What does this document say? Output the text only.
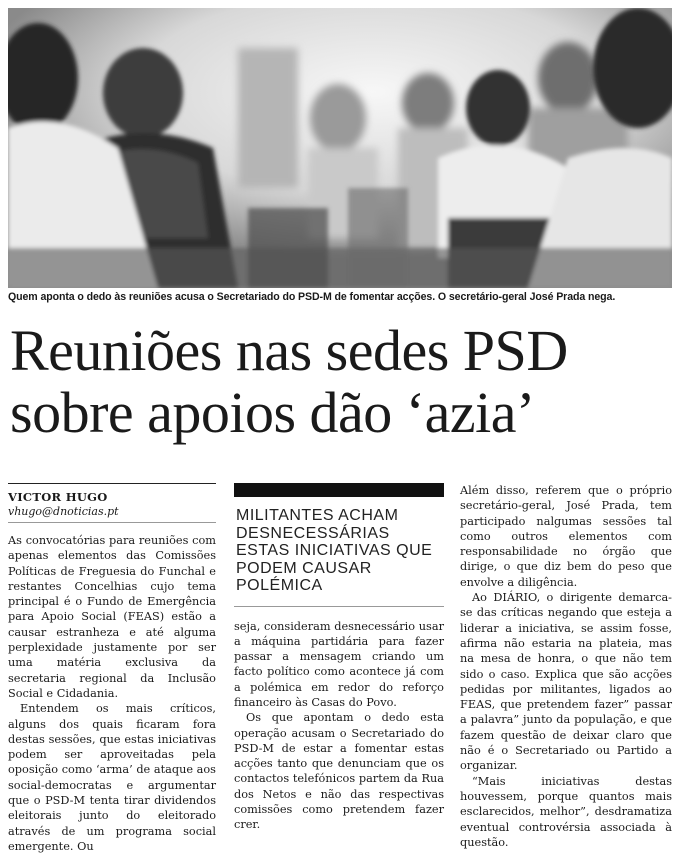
Quem aponta o dedo às reuniões acusa o Secretariado do PSD-M de fomentar acções. O secretário-geral José Prada nega.
Reuniões nas sedes PSD
sobre apoios dão ‘azia’
VICTOR HUGO
vhugo@dnoticias.pt

As convocatórias para reuniões com apenas elementos das Comissões Políticas de Freguesia do Funchal e restantes Concelhias cujo tema principal é o Fundo de Emergência para Apoio Social (FEAS) estão a causar estranheza e até alguma perplexidade justamente por ser uma matéria exclusiva da secretaria regional da Inclusão Social e Cidadania.

Entendem os mais críticos, alguns dos quais ficaram fora destas sessões, que estas iniciativas podem ser aproveitadas pela oposição como ‘arma’ de ataque aos social-democratas e argumentar que o PSD-M tenta tirar dividendos eleitorais junto do eleitorado através de um programa social emergente. Ou

MILITANTES ACHAM DESNECESSÁRIAS ESTAS INICIATIVAS QUE PODEM CAUSAR POLÉMICA

seja, consideram desnecessário usar a máquina partidária para fazer passar a mensagem criando um facto político como acontece já com a polémica em redor do reforço financeiro às Casas do Povo.

Os que apontam o dedo esta operação acusam o Secretariado do PSD-M de estar a fomentar estas acções tanto que denunciam que os contactos telefónicos partem da Rua dos Netos e não das respectivas comissões como pretendem fazer crer.

Além disso, referem que o próprio secretário-geral, José Prada, tem participado nalgumas sessões tal como outros elementos com responsabilidade no órgão que dirige, o que diz bem do peso que envolve a diligência.

Ao DIÁRIO, o dirigente demarca-se das críticas negando que esteja a liderar a iniciativa, se assim fosse, afirma não estaria na plateia, mas na mesa de honra, o que não tem sido o caso. Explica que são acções pedidas por militantes, ligados ao FEAS, que pretendem fazer” passar a palavra” junto da população, e que fazem questão de deixar claro que não é o Secretariado ou Partido a organizar.

“Mais iniciativas destas houvessem, porque quantos mais esclarecidos, melhor”, desdramatiza eventual controvérsia associada à questão.
